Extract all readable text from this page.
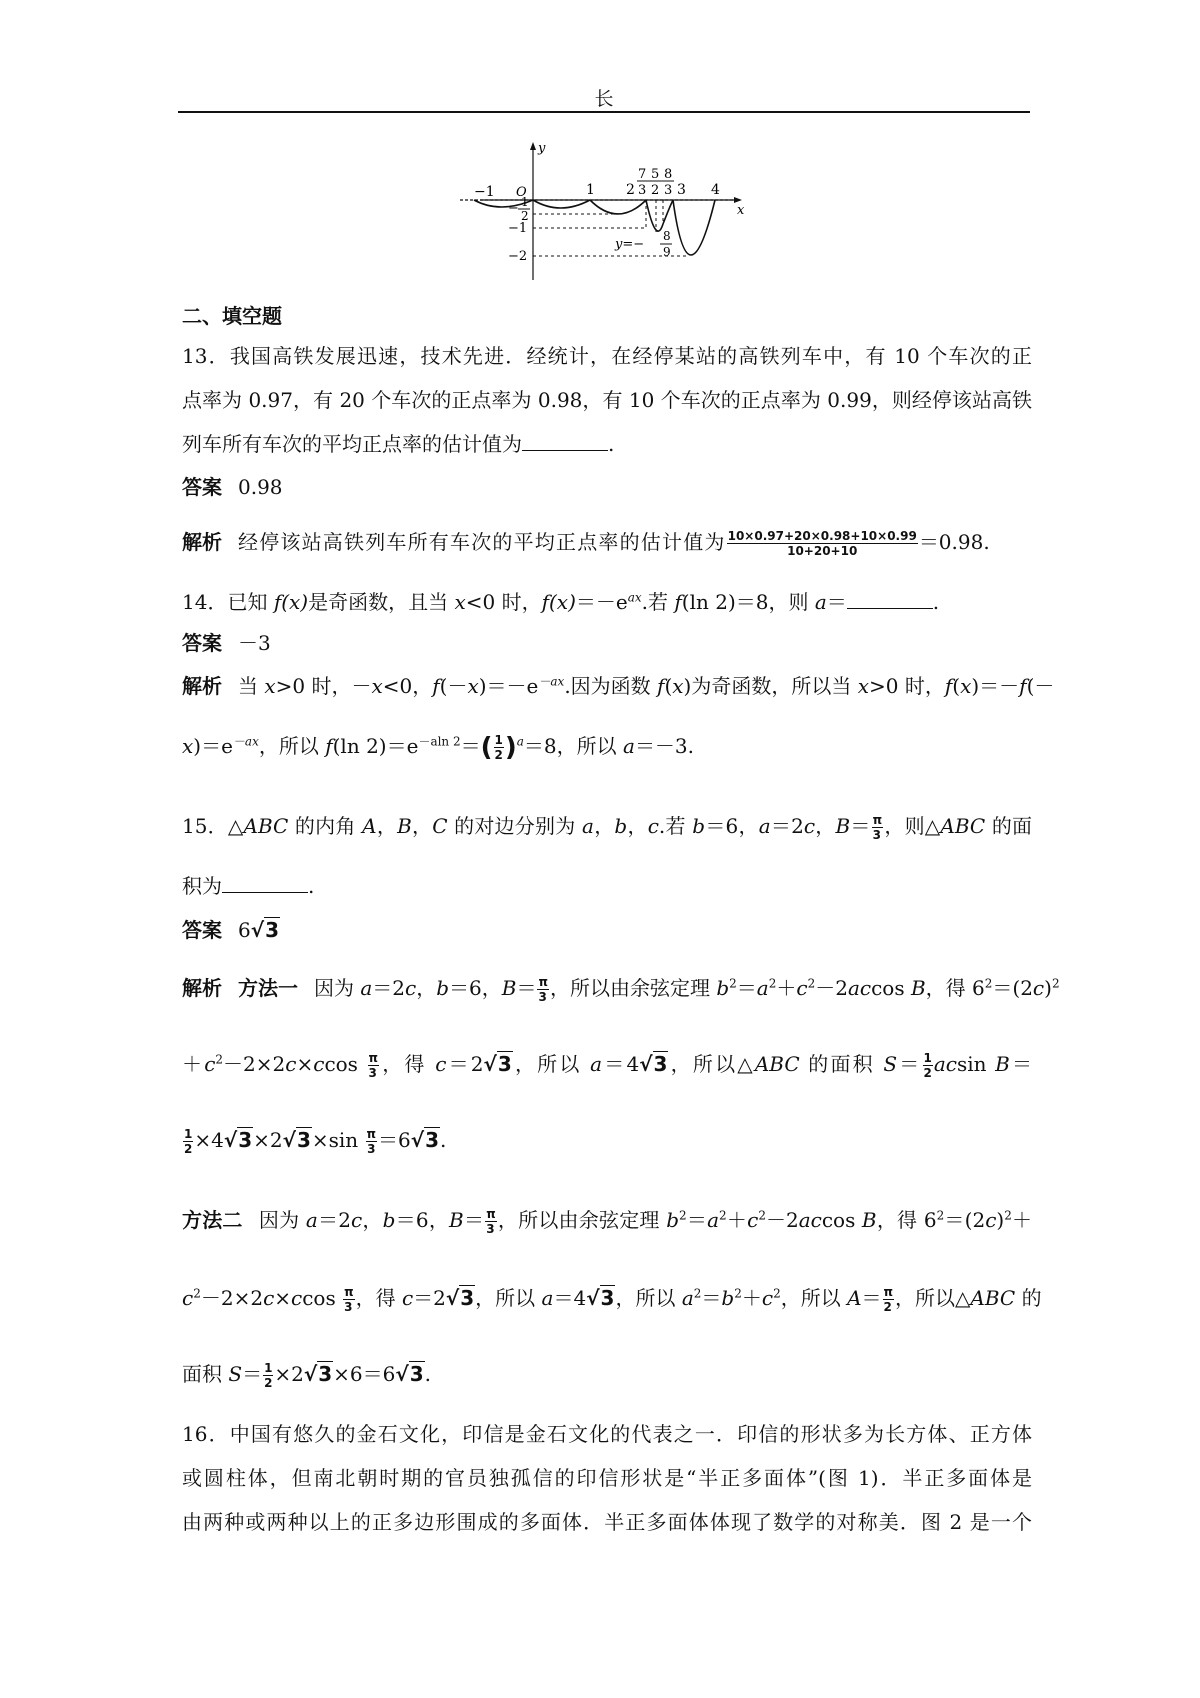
长
y
x
O
−1	1 2
7 5 8
3 2 3 3 4
− 1
2
−1
−2
y=−
8
9
二、填空题
13．我国高铁发展迅速，技术先进．经统计，在经停某站的高铁列车中，有 10 个车次的正
点率为 0.97，有 20 个车次的正点率为 0.98，有 10 个车次的正点率为 0.99，则经停该站高铁
列车所有车次的平均正点率的估计值为	.
答案 0.98
解析 经停该站高铁列车所有车次的平均正点率的估计值为 $\frac{10\times 0.97+20\times 0.98+10\times 0.99}{10+20+10} =0.98$.
14．已知 f(x)是奇函数，且当 x<0 时，$f(x)=-e^{ax}$.若 f(ln 2)＝8，则 a＝	.
答案 －3
解析 当 x>0 时，－x<0，$f(-x)=-e^{-ax}$.因为函数 f(x)为奇函数，所以当 x>0 时，f(x)＝－f(－
$x)=e^{-ax}$，所以 f(ln $2)=e^{-aln 2}=( \frac{1}{2} )^a=8$，所以 a＝－3.
15．△ABC 的内角 A，B，C 的对边分别为 a，b，c.若 b＝6，a＝2c，$B= \frac{\pi}{3}$ ，则△ABC 的面
积为	.
答案 6√3
解析 方法一 因为 a＝2c，b＝6，$B= \frac{\pi}{3}$ ，所以由余弦定理 $b^2=a^2+c^2-2accos$ B，得 $6^2=(2c)^2$
$+c^2-2\times 2c\times ccos \frac{\pi}{3}$ ，得 c＝2√3，所以 a＝4√3，所以△ABC 的面积 $S= \frac{1}{2}$ acsin B＝
$\frac{1}{2} \times 4√3\times 2√3\times\sin \frac{\pi}{3} =6√3$.
方法二 因为 a＝2c，b＝6，$B= \frac{\pi}{3}$ ，所以由余弦定理 $b^2=a^2+c^2-2accos$ B，得 $6^2=(2c)^2+$
$c^2-2\times 2c\times ccos \frac{\pi}{3}$ ，得 c＝2√3，所以 a＝4√3，所以 $a^2=b^2+c^2$，所以 $A= \frac{\pi}{2}$ ，所以△ABC 的
面积 $S= \frac{1}{2} \times 2√3\times 6=6√3$.
16．中国有悠久的金石文化，印信是金石文化的代表之一．印信的形状多为长方体、正方体
或圆柱体，但南北朝时期的官员独孤信的印信形状是“半正多面体”(图 1)．半正多面体是
由两种或两种以上的正多边形围成的多面体．半正多面体体现了数学的对称美．图 2 是一个
